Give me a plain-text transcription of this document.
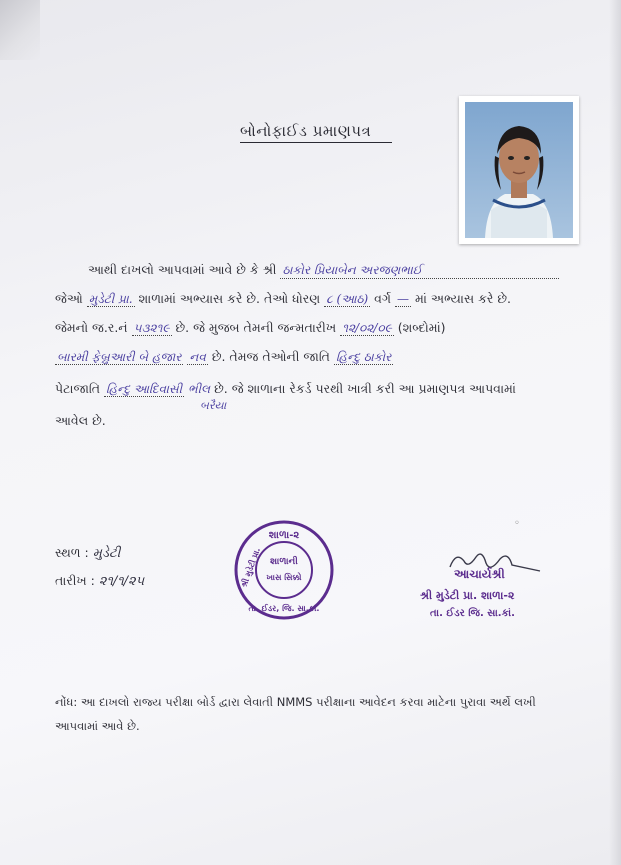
બોનોફાઈડ પ્રમાણપત્ર
આથી દાખલો આપવામાં આવે છે કે શ્રી ઠાકોર પ્રિયાબેન અરજણભાઈ
જેઓ મુડેટી પ્રા. શાળામાં અભ્યાસ કરે છે. તેઓ ધોરણ ૮ (આઠ) વર્ગ — માં અભ્યાસ કરે છે.
જેમનો જ.ર.નં ૫૩૨૧૯ છે. જે મુજબ તેમની જન્મતારીખ ૧૨/૦૨/૦૯ (શબ્દોમાં)
બારમી ફેબ્રુઆરી બે હજાર નવ છે. તેમજ તેઓની જાતિ હિન્દુ ઠાકોર
પેટાજાતિ હિન્દુ આદિવાસી ભીલ છે. જે શાળાના રેકર્ડ પરથી ખાત્રી કરી આ પ્રમાણપત્ર આપવામાં
બરૈયા
આવેલ છે.
સ્થળ : મુડેટી
તારીખ : ૨૧/૧/૨૫
શાળા-૨
શાળાની
ખાસ સિક્કો
તા. ઈડર, જિ. સા.કાં.
શ્રી મુડેટી પ્રા.
◦
આચાર્યશ્રી
શ્રી મુડેટી પ્રા. શાળા-૨
તા. ઈડર જિ. સા.કાં.
નોંધ: આ દાખલો રાજ્ય પરીક્ષા બોર્ડ દ્વારા લેવાતી NMMS પરીક્ષાના આવેદન કરવા માટેના પુરાવા અર્થે લખી
આપવામાં આવે છે.
